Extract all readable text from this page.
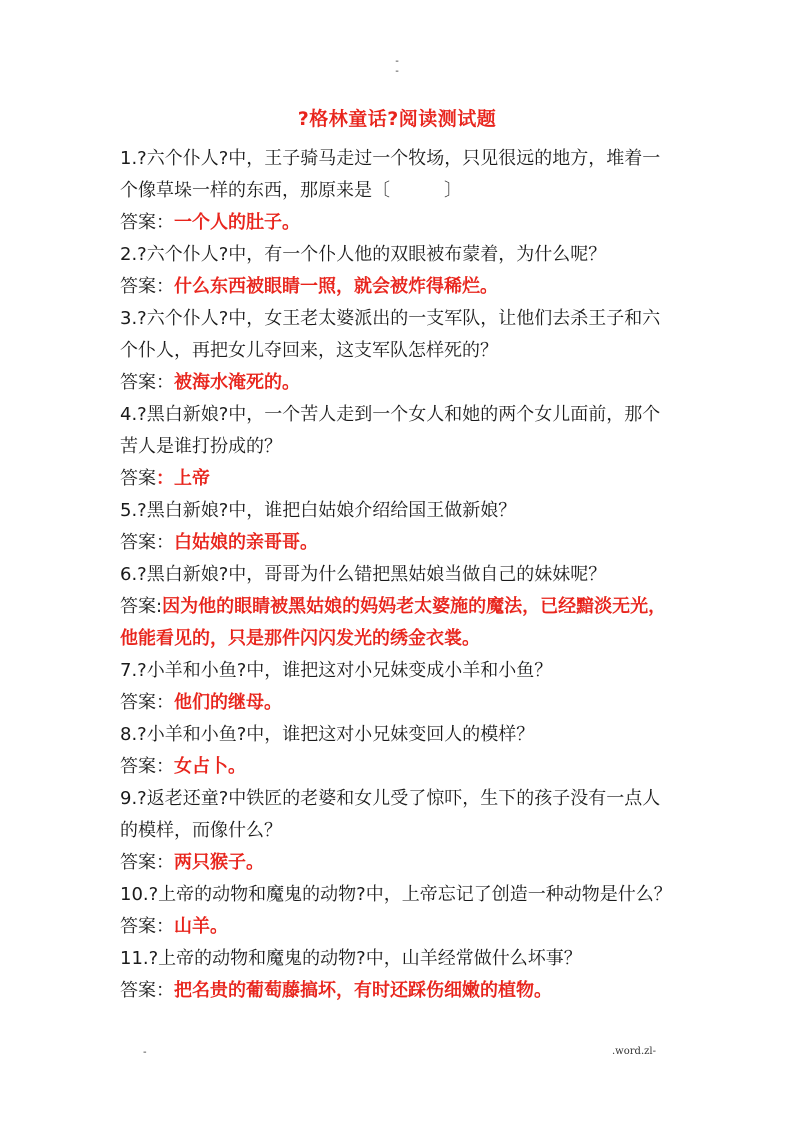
-
-
?格林童话?阅读测试题
1.?六个仆人?中，王子骑马走过一个牧场，只见很远的地方，堆着一
个像草垛一样的东西，那原来是〔　　　〕
答案：一个人的肚子。
2.?六个仆人?中，有一个仆人他的双眼被布蒙着，为什么呢？
答案：什么东西被眼睛一照，就会被炸得稀烂。
3.?六个仆人?中，女王老太婆派出的一支军队，让他们去杀王子和六
个仆人，再把女儿夺回来，这支军队怎样死的？
答案：被海水淹死的。
4.?黑白新娘?中，一个苦人走到一个女人和她的两个女儿面前，那个
苦人是谁打扮成的？
答案：上帝
5.?黑白新娘?中，谁把白姑娘介绍给国王做新娘？
答案：白姑娘的亲哥哥。
6.?黑白新娘?中，哥哥为什么错把黑姑娘当做自己的妹妹呢？
答案:因为他的眼睛被黑姑娘的妈妈老太婆施的魔法，已经黯淡无光，
他能看见的，只是那件闪闪发光的绣金衣裳。
7.?小羊和小鱼?中，谁把这对小兄妹变成小羊和小鱼？
答案：他们的继母。
8.?小羊和小鱼?中，谁把这对小兄妹变回人的模样？
答案：女占卜。
9.?返老还童?中铁匠的老婆和女儿受了惊吓，生下的孩子没有一点人
的模样，而像什么？
答案：两只猴子。
10.?上帝的动物和魔鬼的动物?中，上帝忘记了创造一种动物是什么？
答案：山羊。
11.?上帝的动物和魔鬼的动物?中，山羊经常做什么坏事？
答案：把名贵的葡萄藤搞坏，有时还踩伤细嫩的植物。
-	.word.zl-
